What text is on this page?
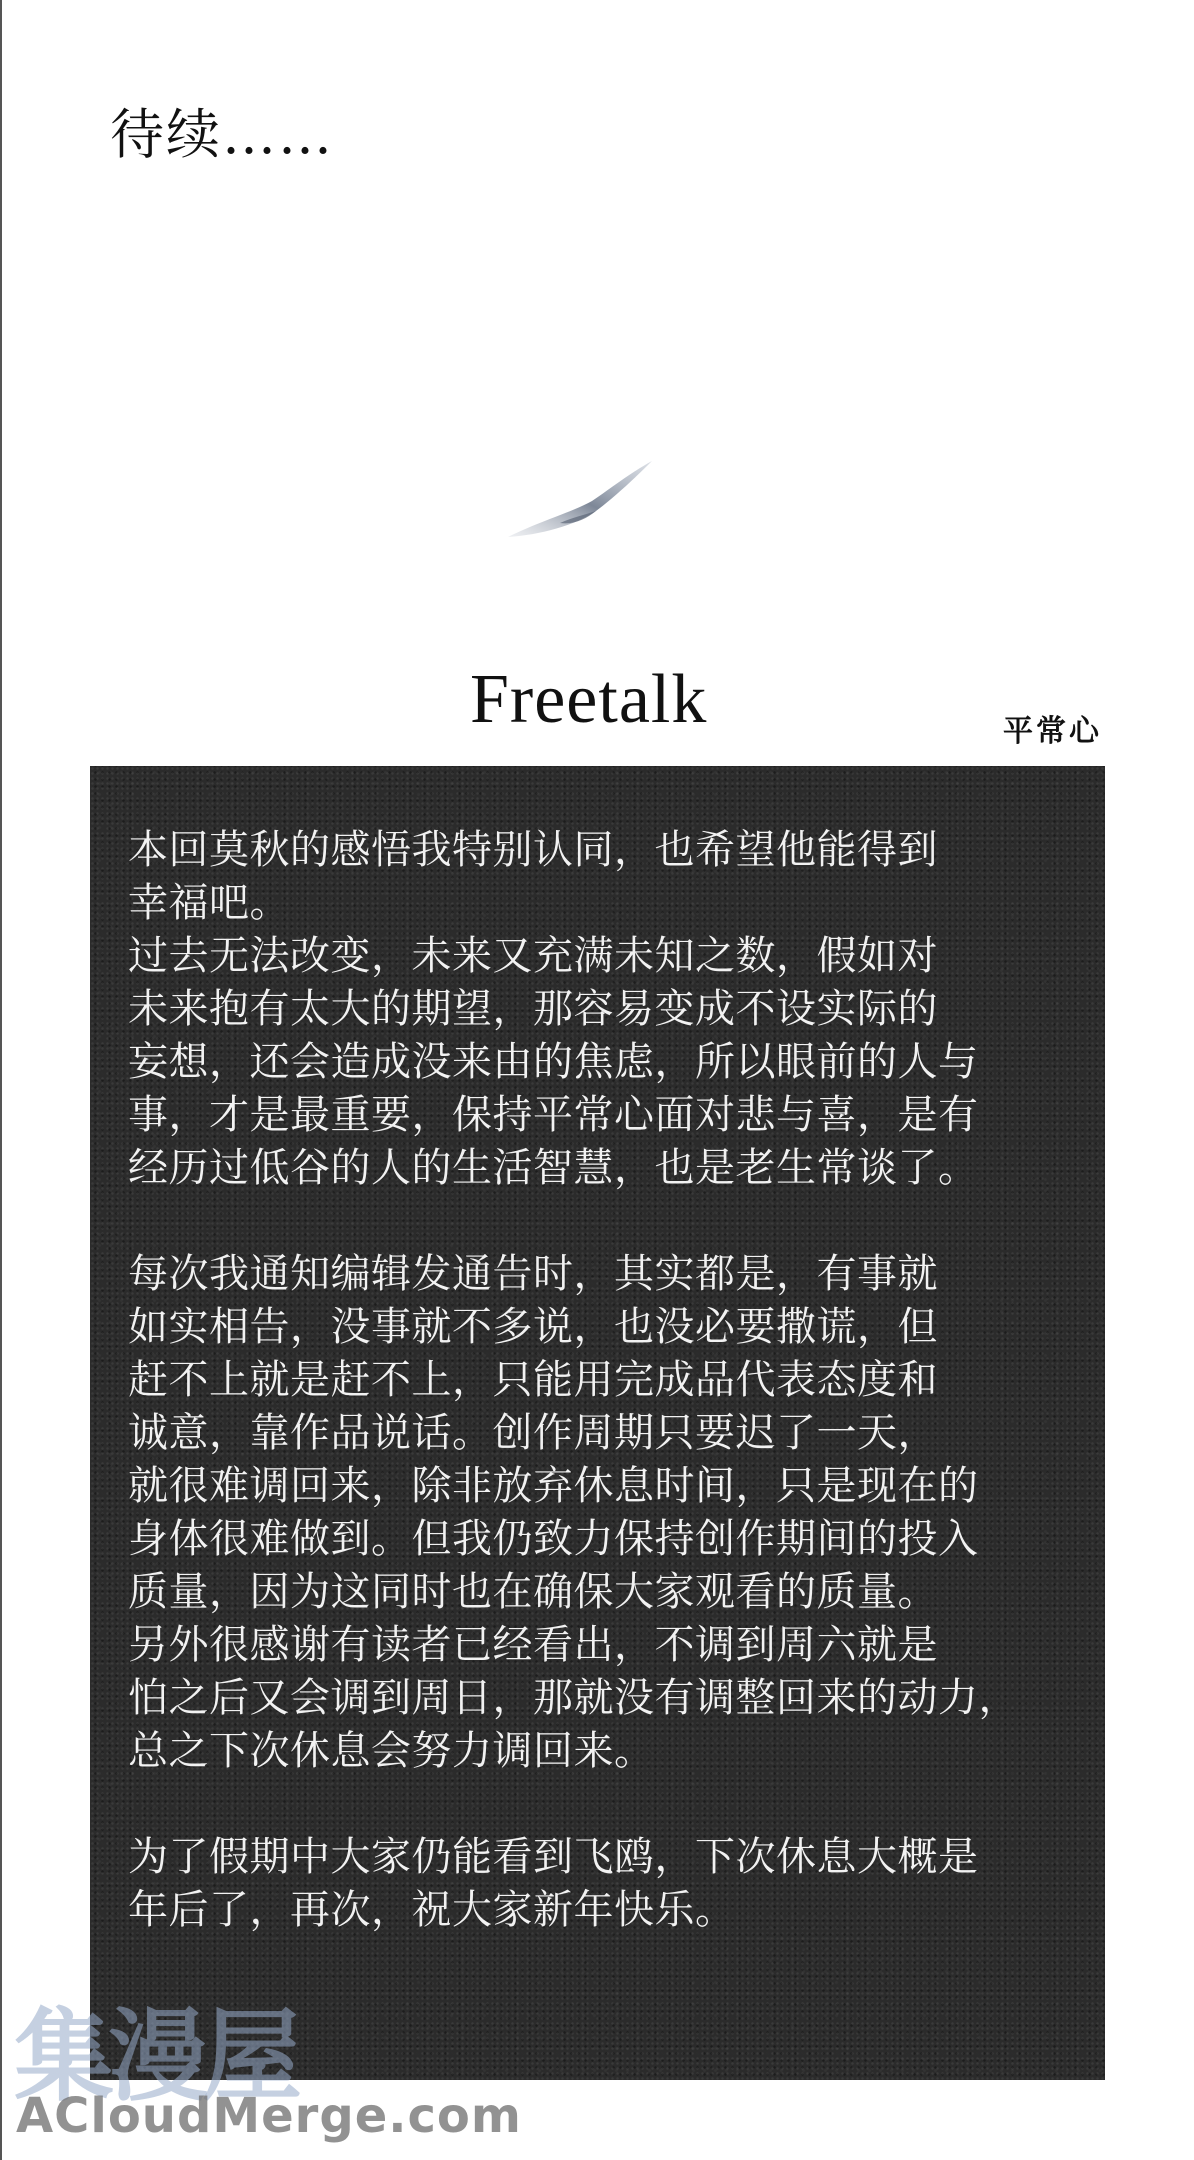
待续……
Freetalk	平常心
本回莫秋的感悟我特别认同，也希望他能得到
幸福吧。
过去无法改变，未来又充满未知之数，假如对
未来抱有太大的期望，那容易变成不设实际的
妄想，还会造成没来由的焦虑，所以眼前的人与
事，才是最重要，保持平常心面对悲与喜，是有
经历过低谷的人的生活智慧，也是老生常谈了。
每次我通知编辑发通告时，其实都是，有事就
如实相告，没事就不多说，也没必要撒谎，但
赶不上就是赶不上，只能用完成品代表态度和
诚意，靠作品说话。创作周期只要迟了一天，
就很难调回来，除非放弃休息时间，只是现在的
身体很难做到。但我仍致力保持创作期间的投入
质量，因为这同时也在确保大家观看的质量。
另外很感谢有读者已经看出，不调到周六就是
怕之后又会调到周日，那就没有调整回来的动力，
总之下次休息会努力调回来。
为了假期中大家仍能看到飞鸥，下次休息大概是
年后了，再次，祝大家新年快乐。
集漫屋
ACloudMerge.com
